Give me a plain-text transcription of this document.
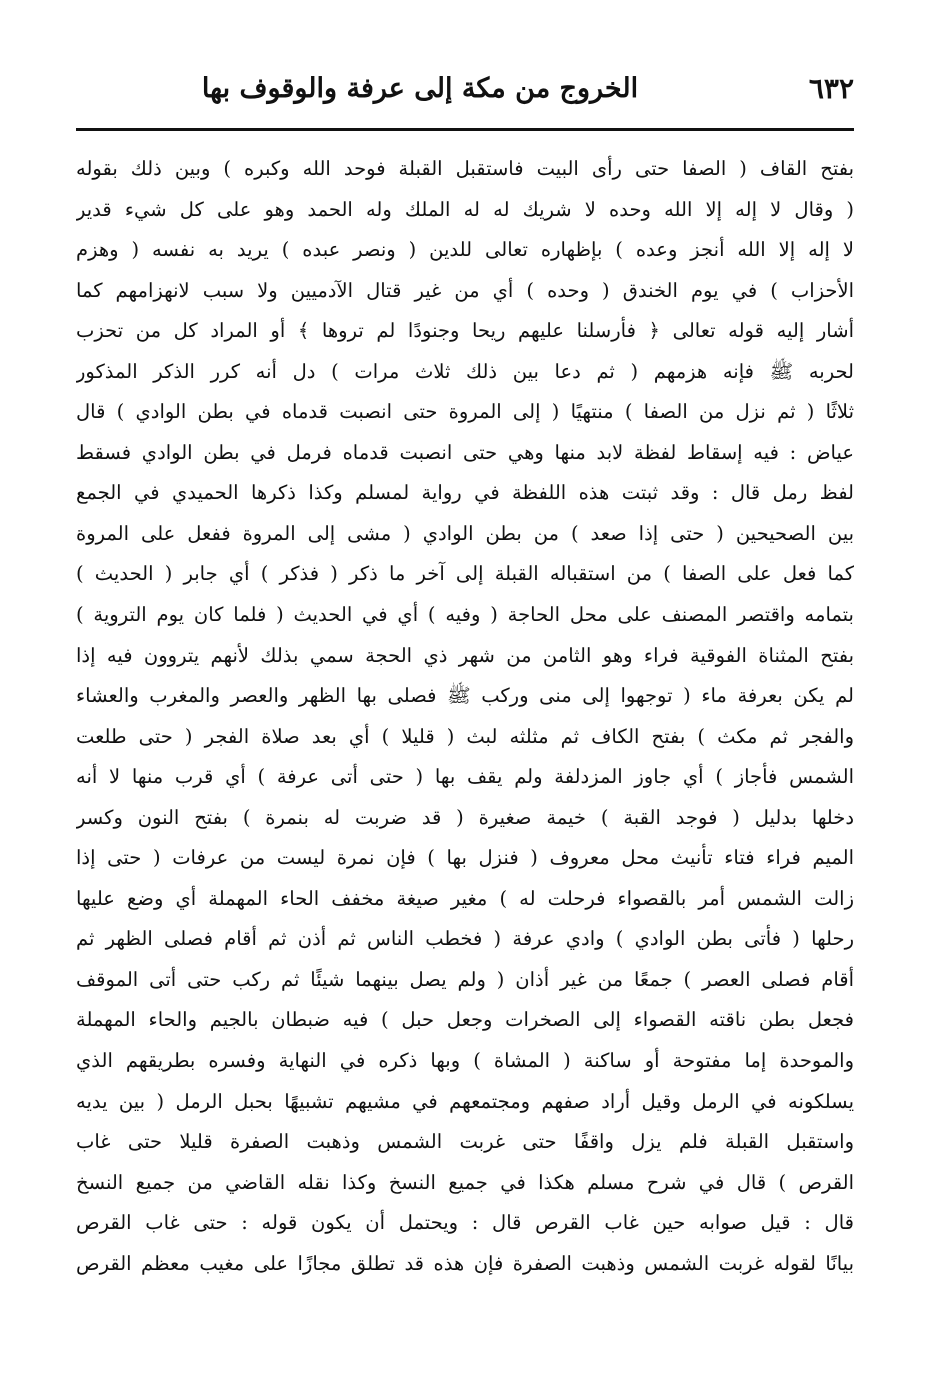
٦٣٢
الخروج من مكة إلى عرفة والوقوف بها
بفتح القاف ( الصفا حتى رأى البيت فاستقبل القبلة فوحد الله وكبره ) وبين ذلك بقوله
( وقال لا إله إلا الله وحده لا شريك له له الملك وله الحمد وهو على كل شيء قدير
لا إله إلا الله أنجز وعده ) بإظهاره تعالى للدين ( ونصر عبده ) يريد به نفسه ( وهزم
الأحزاب ) في يوم الخندق ( وحده ) أي من غير قتال الآدميين ولا سبب لانهزامهم كما
أشار إليه قوله تعالى ﴿ فأرسلنا عليهم ريحا وجنودًا لم تروها ﴾ أو المراد كل من تحزب
لحربه ﷺ فإنه هزمهم ( ثم دعا بين ذلك ثلاث مرات ) دل أنه كرر الذكر المذكور
ثلاثًا ( ثم نزل من الصفا ) منتهيًا ( إلى المروة حتى انصبت قدماه في بطن الوادي ) قال
عياض : فيه إسقاط لفظة لابد منها وهي حتى انصبت قدماه فرمل في بطن الوادي فسقط
لفظ رمل قال : وقد ثبتت هذه اللفظة في رواية لمسلم وكذا ذكرها الحميدي في الجمع
بين الصحيحين ( حتى إذا صعد ) من بطن الوادي ( مشى إلى المروة ففعل على المروة
كما فعل على الصفا ) من استقباله القبلة إلى آخر ما ذكر ( فذكر ) أي جابر ( الحديث )
بتمامه واقتصر المصنف على محل الحاجة ( وفيه ) أي في الحديث ( فلما كان يوم التروية )
بفتح المثناة الفوقية فراء وهو الثامن من شهر ذي الحجة سمي بذلك لأنهم يتروون فيه إذا
لم يكن بعرفة ماء ( توجهوا إلى منى وركب ﷺ فصلى بها الظهر والعصر والمغرب والعشاء
والفجر ثم مكث ) بفتح الكاف ثم مثلثه لبث ( قليلا ) أي بعد صلاة الفجر ( حتى طلعت
الشمس فأجاز ) أي جاوز المزدلفة ولم يقف بها ( حتى أتى عرفة ) أي قرب منها لا أنه
دخلها بدليل ( فوجد القبة ) خيمة صغيرة ( قد ضربت له بنمرة ) بفتح النون وكسر
الميم فراء فتاء تأنيث محل معروف ( فنزل بها ) فإن نمرة ليست من عرفات ( حتى إذا
زالت الشمس أمر بالقصواء فرحلت له ) مغير صيغة مخفف الحاء المهملة أي وضع عليها
رحلها ( فأتى بطن الوادي ) وادي عرفة ( فخطب الناس ثم أذن ثم أقام فصلى الظهر ثم
أقام فصلى العصر ) جمعًا من غير أذان ( ولم يصل بينهما شيئًا ثم ركب حتى أتى الموقف
فجعل بطن ناقته القصواء إلى الصخرات وجعل حبل ) فيه ضبطان بالجيم والحاء المهملة
والموحدة إما مفتوحة أو ساكنة ( المشاة ) وبها ذكره في النهاية وفسره بطريقهم الذي
يسلكونه في الرمل وقيل أراد صفهم ومجتمعهم في مشيهم تشبيهًا بحبل الرمل ( بين يديه
واستقبل القبلة فلم يزل واقفًا حتى غربت الشمس وذهبت الصفرة قليلا حتى غاب
القرص ) قال في شرح مسلم هكذا في جميع النسخ وكذا نقله القاضي من جميع النسخ
قال : قيل صوابه حين غاب القرص قال : ويحتمل أن يكون قوله : حتى غاب القرص
بيانًا لقوله غربت الشمس وذهبت الصفرة فإن هذه قد تطلق مجازًا على مغيب معظم القرص
